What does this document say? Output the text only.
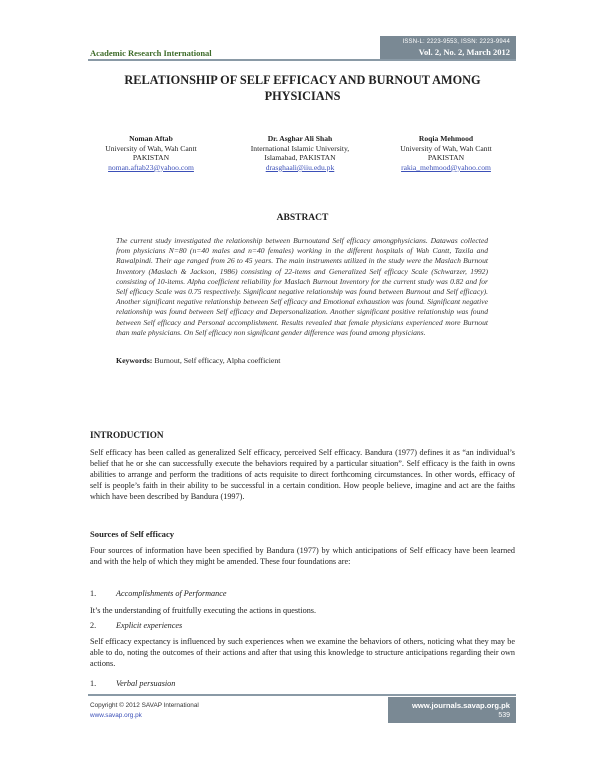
Academic Research International
ISSN-L: 2223-9553, ISSN: 2223-9944
Vol. 2, No. 2, March 2012
RELATIONSHIP OF SELF EFFICACY AND BURNOUT AMONG
PHYSICIANS
Noman Aftab
University of Wah, Wah Cantt
PAKISTAN
noman.aftab23@yahoo.com
Dr. Asghar Ali Shah
International Islamic University,
Islamabad, PAKISTAN
drasghaali@iiu.edu.pk
Roqia Mehmood
University of Wah, Wah Cantt
PAKISTAN
rakia_mehmood@yahoo.com
ABSTRACT

The current study investigated the relationship between Burnoutand Self efficacy amongphysicians. Datawas collected from physicians N=80 (n=40 males and n=40 females) working in the different hospitals of Wah Cantt, Taxila and Rawalpindi. Their age ranged from 26 to 45 years. The main instruments utilized in the study were the Maslach Burnout Inventory (Maslach & Jackson, 1986) consisting of 22-items and Generalized Self efficacy Scale (Schwarzer, 1992) consisting of 10-items. Alpha coefficient reliability for Maslach Burnout Inventory for the current study was 0.82 and for Self efficacy Scale was 0.75 respectively. Significant negative relationship was found between Burnout and Self efficacy). Another significant negative relationship between Self efficacy and Emotional exhaustion was found. Significant negative relationship was found between Self efficacy and Depersonalization. Another significant positive relationship was found between Self efficacy and Personal accomplishment. Results revealed that female physicians experienced more Burnout than male physicians. On Self efficacy non significant gender difference was found among physicians.

Keywords: Burnout, Self efficacy, Alpha coefficient
INTRODUCTION

Self efficacy has been called as generalized Self efficacy, perceived Self efficacy. Bandura (1977) defines it as “an individual’s belief that he or she can successfully execute the behaviors required by a particular situation”. Self efficacy is the faith in owns abilities to arrange and perform the traditions of acts requisite to direct forthcoming circumstances. In other words, efficacy of self is people’s faith in their ability to be successful in a certain condition. How people believe, imagine and act are the faiths which have been described by Bandura (1997).

Sources of Self efficacy

Four sources of information have been specified by Bandura (1977) by which anticipations of Self efficacy have been learned and with the help of which they might be amended. These four foundations are:

1. Accomplishments of Performance

It’s the understanding of fruitfully executing the actions in questions.

2. Explicit experiences

Self efficacy expectancy is influenced by such experiences when we examine the behaviors of others, noticing what they may be able to do, noting the outcomes of their actions and after that using this knowledge to structure anticipations regarding their own actions.

1. Verbal persuasion
Copyright © 2012 SAVAP International
www.savap.org.pk
www.journals.savap.org.pk
539
